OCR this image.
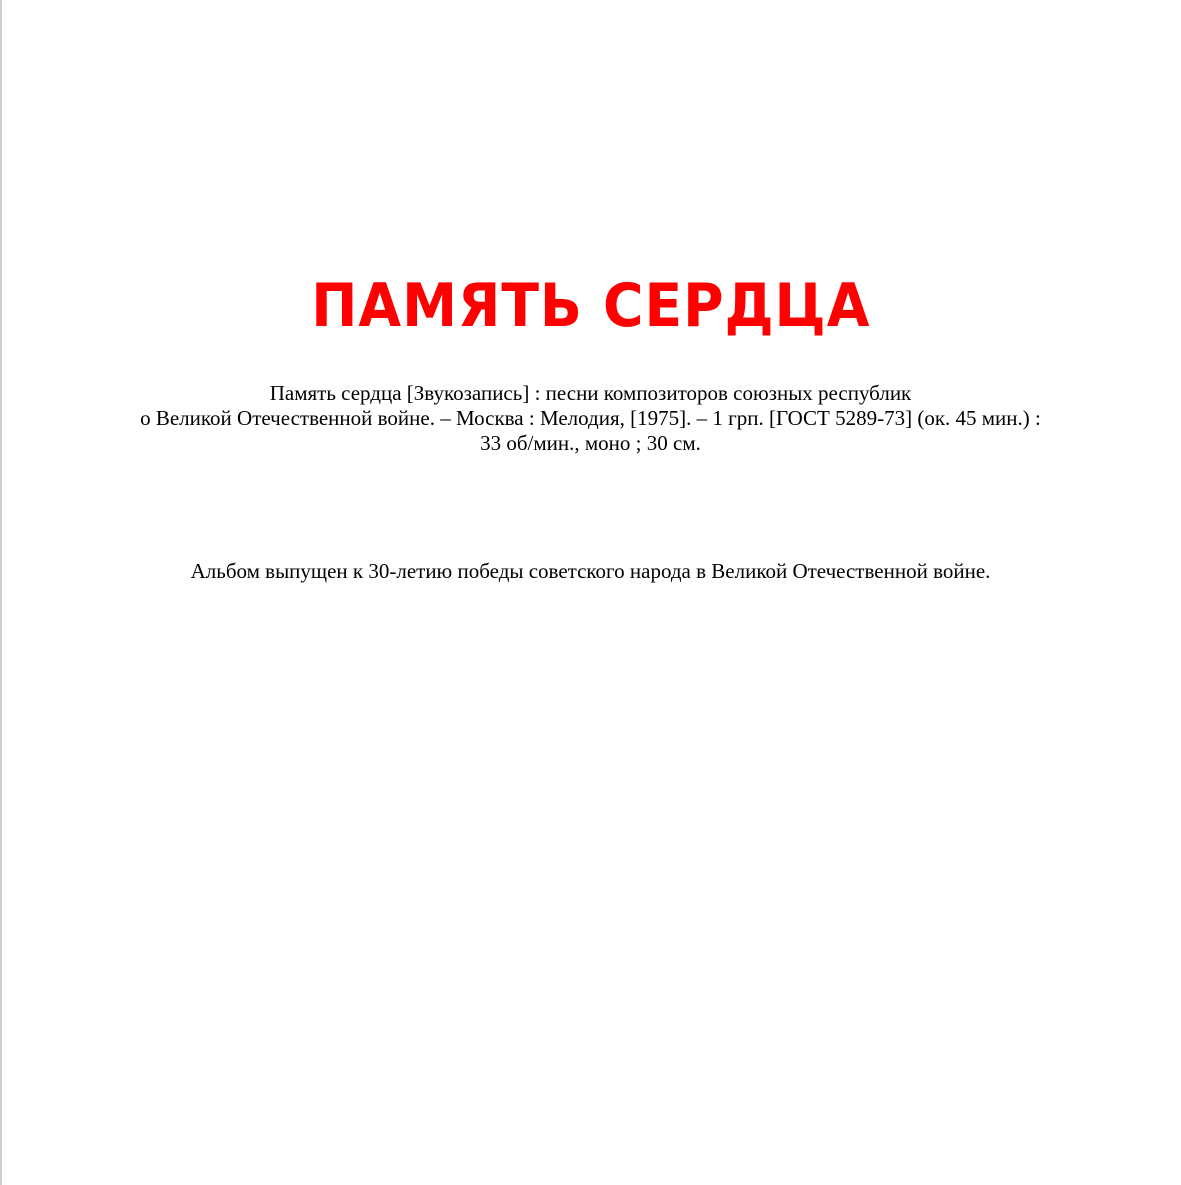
ПАМЯТЬ СЕРДЦА
Память сердца [Звукозапись] : песни композиторов союзных республик
о Великой Отечественной войне. – Москва : Мелодия, [1975]. – 1 грп. [ГОСТ 5289-73] (ок. 45 мин.) :
33 об/мин., моно ; 30 см.
Альбом выпущен к 30-летию победы советского народа в Великой Отечественной войне.
